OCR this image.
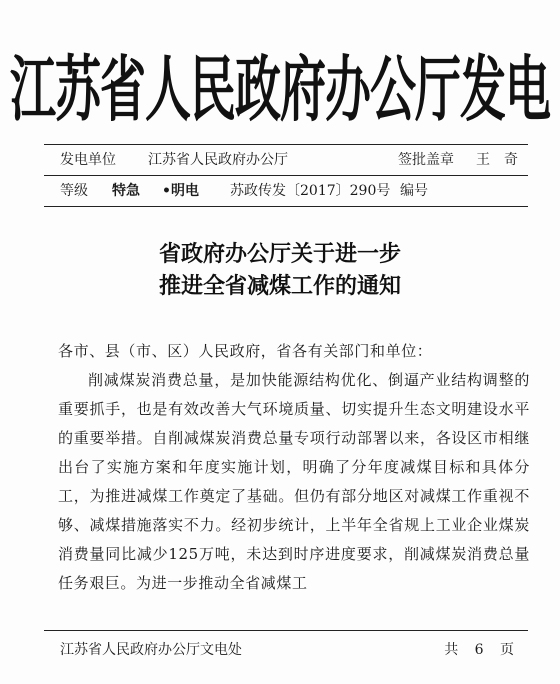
江苏省人民政府办公厅发电
发电单位 江苏省人民政府办公厅	签批盖章 王　奇
等级 特急 •明电 苏政传发〔2017〕290号 编号
省政府办公厅关于进一步
推进全省减煤工作的通知

各市、县（市、区）人民政府，省各有关部门和单位：

削减煤炭消费总量，是加快能源结构优化、倒逼产业结构调整的重要抓手，也是有效改善大气环境质量、切实提升生态文明建设水平的重要举措。自削减煤炭消费总量专项行动部署以来，各设区市相继出台了实施方案和年度实施计划，明确了分年度减煤目标和具体分工，为推进减煤工作奠定了基础。但仍有部分地区对减煤工作重视不够、减煤措施落实不力。经初步统计，上半年全省规上工业企业煤炭消费量同比减少125万吨，未达到时序进度要求，削减煤炭消费总量任务艰巨。为进一步推动全省减煤工

江苏省人民政府办公厅文电处	共 6 页
